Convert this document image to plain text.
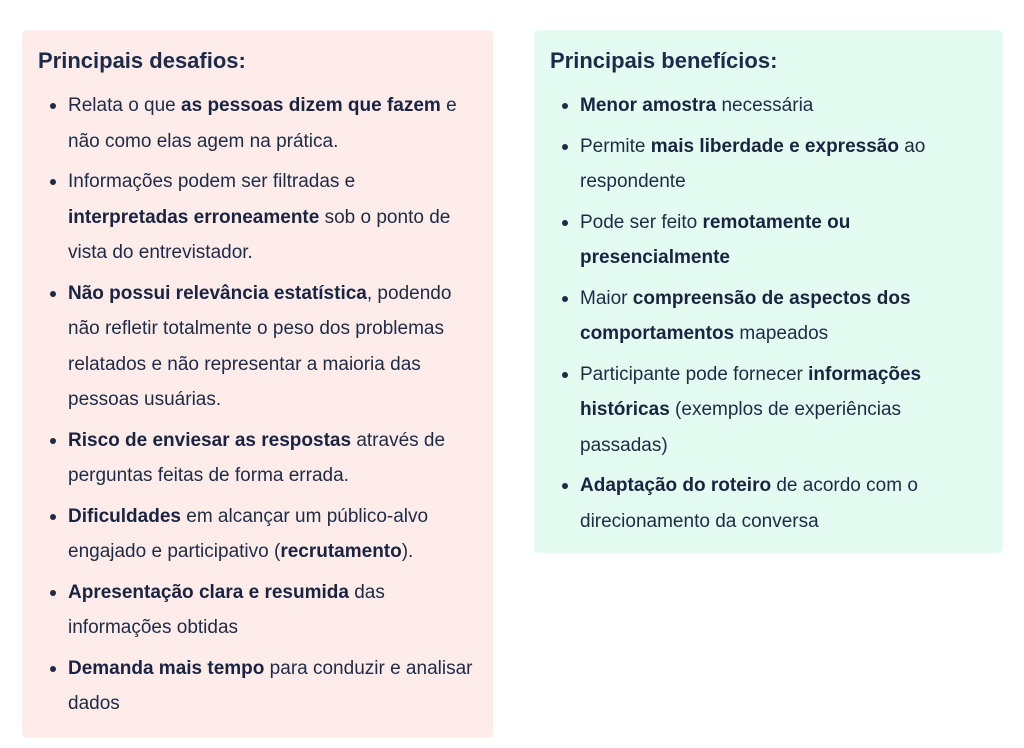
Principais desafios:
Relata o que as pessoas dizem que fazem e não como elas agem na prática.
Informações podem ser filtradas e interpretadas erroneamente sob o ponto de vista do entrevistador.
Não possui relevância estatística, podendo não refletir totalmente o peso dos problemas relatados e não representar a maioria das pessoas usuárias.
Risco de enviesar as respostas através de perguntas feitas de forma errada.
Dificuldades em alcançar um público-alvo engajado e participativo (recrutamento).
Apresentação clara e resumida das informações obtidas
Demanda mais tempo para conduzir e analisar dados
Principais benefícios:
Menor amostra necessária
Permite mais liberdade e expressão ao respondente
Pode ser feito remotamente ou presencialmente
Maior compreensão de aspectos dos comportamentos mapeados
Participante pode fornecer informações históricas (exemplos de experiências passadas)
Adaptação do roteiro de acordo com o direcionamento da conversa
